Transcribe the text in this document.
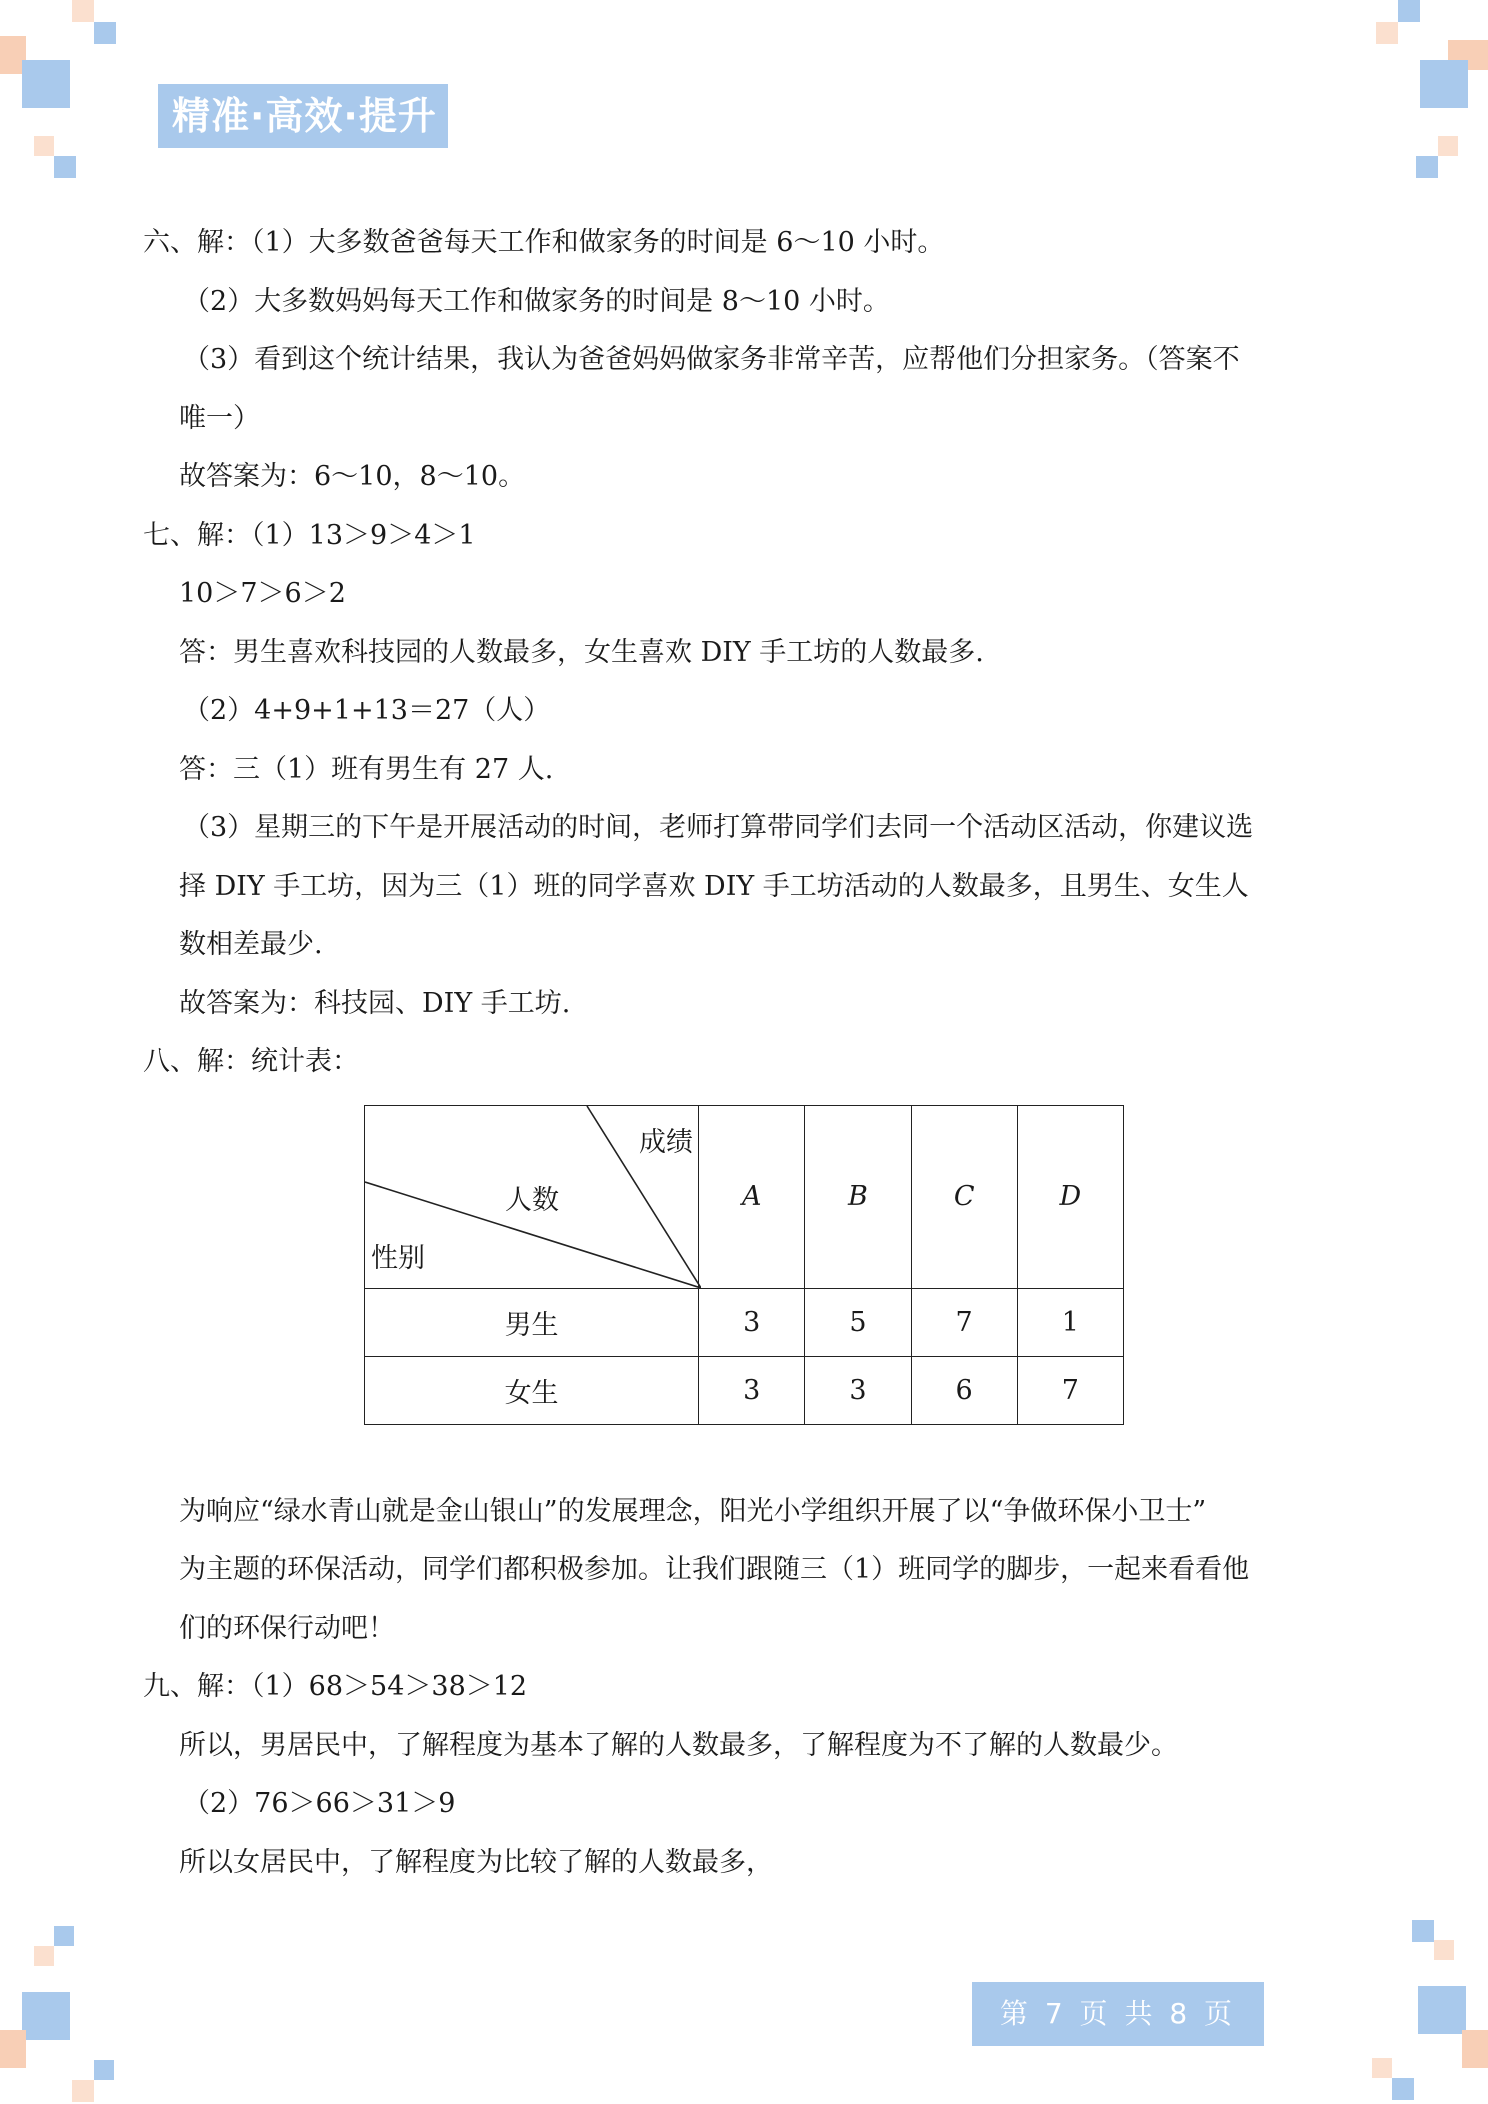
精准·高效·提升
六、解：（1）大多数爸爸每天工作和做家务的时间是 6～10 小时。
（2）大多数妈妈每天工作和做家务的时间是 8～10 小时。
（3）看到这个统计结果，我认为爸爸妈妈做家务非常辛苦，应帮他们分担家务。（答案不
唯一）
故答案为：6～10，8～10。
七、解：（1）13＞9＞4＞1
10＞7＞6＞2
答：男生喜欢科技园的人数最多，女生喜欢 DIY 手工坊的人数最多.
（2）4+9+1+13＝27（人）
答：三（1）班有男生有 27 人.
（3）星期三的下午是开展活动的时间，老师打算带同学们去同一个活动区活动，你建议选
择 DIY 手工坊，因为三（1）班的同学喜欢 DIY 手工坊活动的人数最多，且男生、女生人
数相差最少.
故答案为：科技园、DIY 手工坊.
八、解：统计表：
成绩
人数
性别	A	B	C	D
男生	3	5	7	1
女生	3	3	6	7
为响应“绿水青山就是金山银山”的发展理念，阳光小学组织开展了以“争做环保小卫士”
为主题的环保活动，同学们都积极参加。让我们跟随三（1）班同学的脚步，一起来看看他
们的环保行动吧！
九、解：（1）68＞54＞38＞12
所以，男居民中，了解程度为基本了解的人数最多，了解程度为不了解的人数最少。
（2）76＞66＞31＞9
所以女居民中，了解程度为比较了解的人数最多，
第 7 页 共 8 页
